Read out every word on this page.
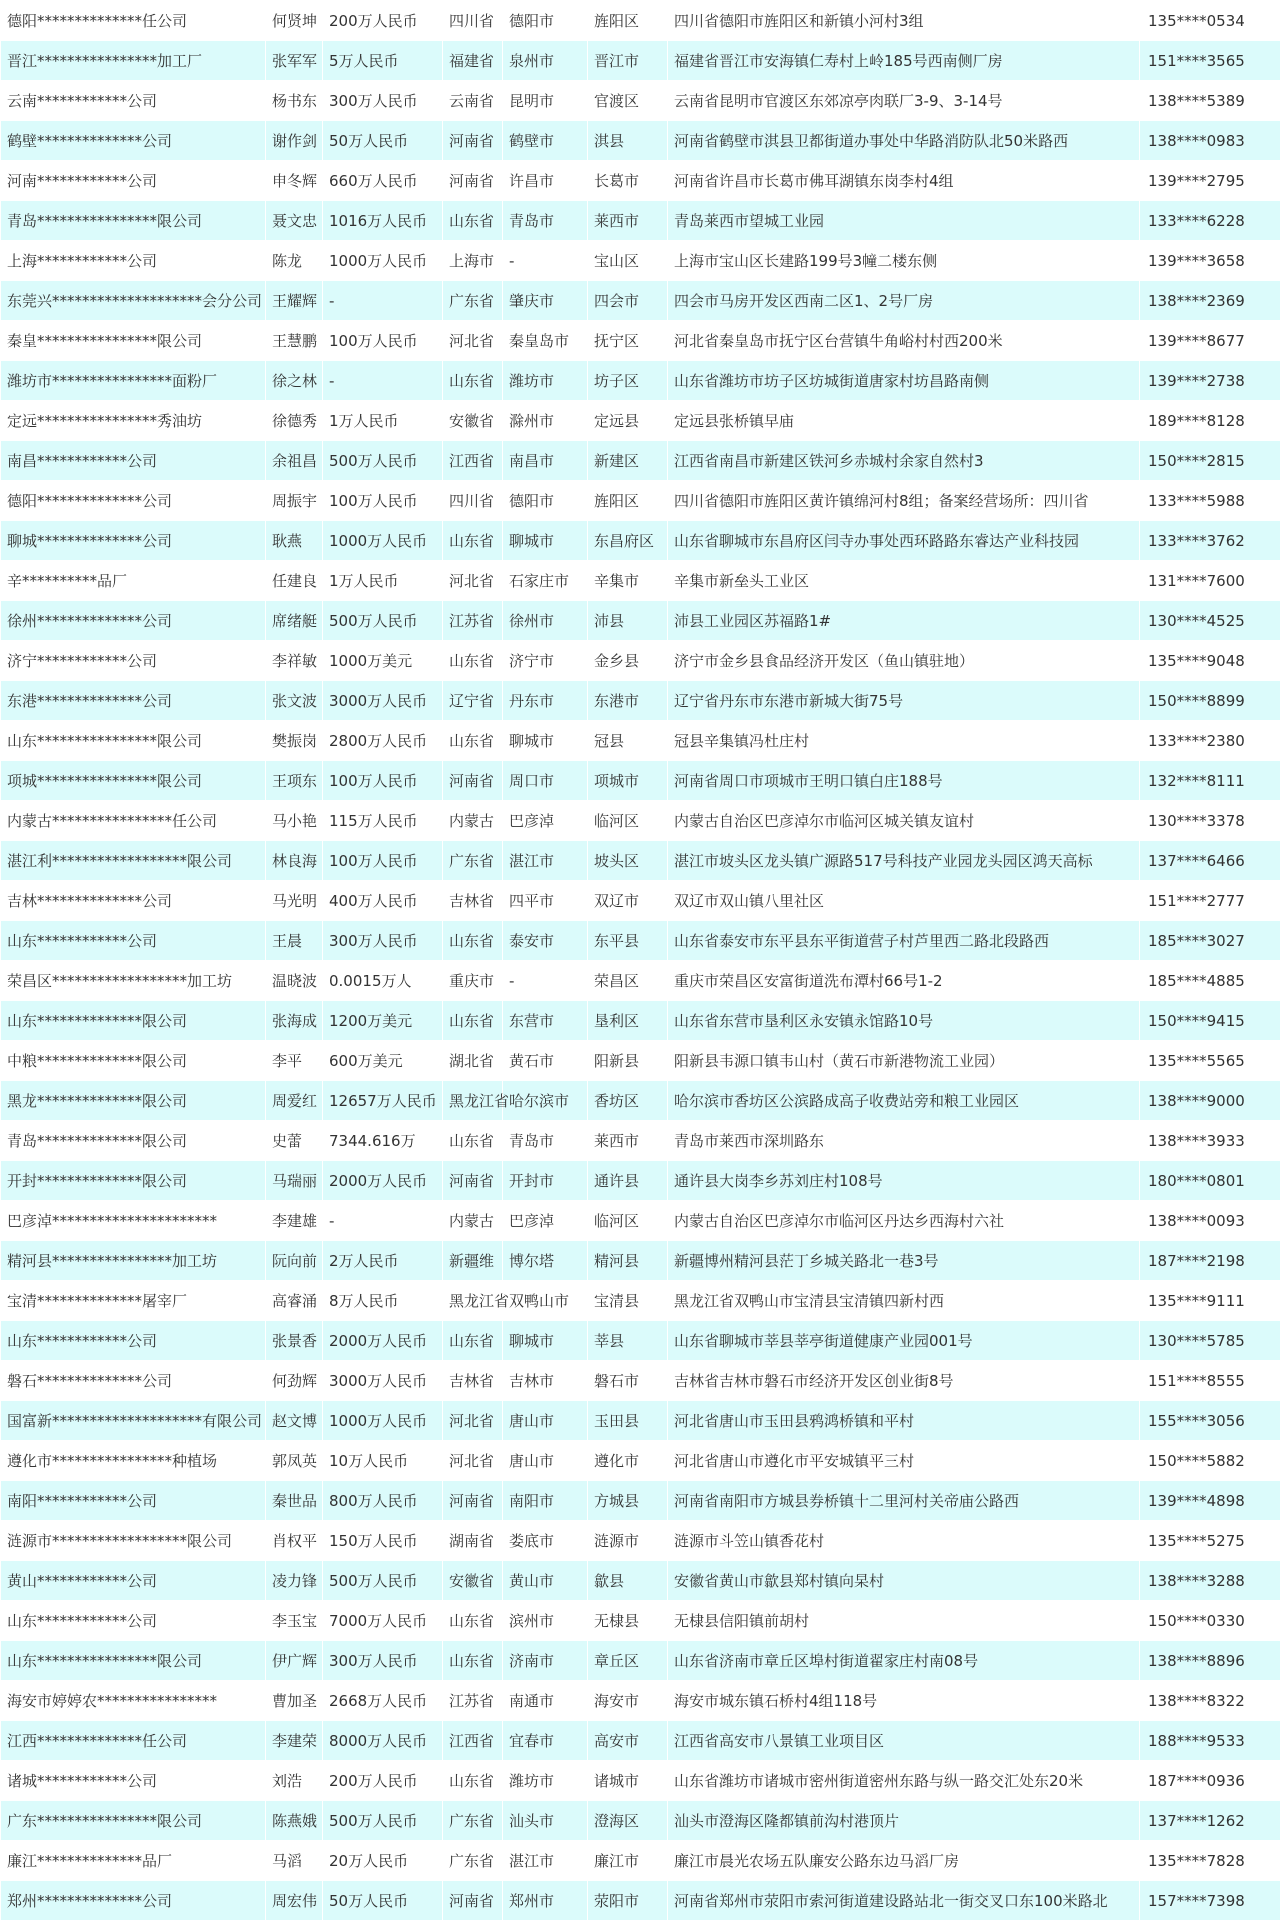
德阳**************任公司	何贤坤	200万人民币	四川省	德阳市	旌阳区	四川省德阳市旌阳区和新镇小河村3组	135****0534
晋江****************加工厂	张军军	5万人民币	福建省	泉州市	晋江市	福建省晋江市安海镇仁寿村上岭185号西南侧厂房	151****3565
云南************公司	杨书东	300万人民币	云南省	昆明市	官渡区	云南省昆明市官渡区东郊凉亭肉联厂3-9、3-14号	138****5389
鹤壁**************公司	谢作剑	50万人民币	河南省	鹤壁市	淇县	河南省鹤壁市淇县卫都街道办事处中华路消防队北50米路西	138****0983
河南************公司	申冬辉	660万人民币	河南省	许昌市	长葛市	河南省许昌市长葛市佛耳湖镇东岗李村4组	139****2795
青岛****************限公司	聂文忠	1016万人民币	山东省	青岛市	莱西市	青岛莱西市望城工业园	133****6228
上海************公司	陈龙	1000万人民币	上海市	-	宝山区	上海市宝山区长建路199号3幢二楼东侧	139****3658
东莞兴********************会分公司	王耀辉	-	广东省	肇庆市	四会市	四会市马房开发区西南二区1、2号厂房	138****2369
秦皇****************限公司	王慧鹏	100万人民币	河北省	秦皇岛市	抚宁区	河北省秦皇岛市抚宁区台营镇牛角峪村村西200米	139****8677
潍坊市****************面粉厂	徐之林	-	山东省	潍坊市	坊子区	山东省潍坊市坊子区坊城街道唐家村坊昌路南侧	139****2738
定远****************秀油坊	徐德秀	1万人民币	安徽省	滁州市	定远县	定远县张桥镇早庙	189****8128
南昌************公司	余祖昌	500万人民币	江西省	南昌市	新建区	江西省南昌市新建区铁河乡赤城村余家自然村3	150****2815
德阳**************公司	周振宇	100万人民币	四川省	德阳市	旌阳区	四川省德阳市旌阳区黄许镇绵河村8组；备案经营场所：四川省	133****5988
聊城**************公司	耿燕	1000万人民币	山东省	聊城市	东昌府区	山东省聊城市东昌府区闫寺办事处西环路路东睿达产业科技园	133****3762
辛**********品厂	任建良	1万人民币	河北省	石家庄市	辛集市	辛集市新垒头工业区	131****7600
徐州**************公司	席绪艇	500万人民币	江苏省	徐州市	沛县	沛县工业园区苏福路1#	130****4525
济宁************公司	李祥敏	1000万美元	山东省	济宁市	金乡县	济宁市金乡县食品经济开发区（鱼山镇驻地）	135****9048
东港**************公司	张文波	3000万人民币	辽宁省	丹东市	东港市	辽宁省丹东市东港市新城大街75号	150****8899
山东****************限公司	樊振岗	2800万人民币	山东省	聊城市	冠县	冠县辛集镇冯杜庄村	133****2380
项城****************限公司	王项东	100万人民币	河南省	周口市	项城市	河南省周口市项城市王明口镇白庄188号	132****8111
内蒙古****************任公司	马小艳	115万人民币	内蒙古	巴彦淖	临河区	内蒙古自治区巴彦淖尔市临河区城关镇友谊村	130****3378
湛江利******************限公司	林良海	100万人民币	广东省	湛江市	坡头区	湛江市坡头区龙头镇广源路517号科技产业园龙头园区鸿天高标	137****6466
吉林**************公司	马光明	400万人民币	吉林省	四平市	双辽市	双辽市双山镇八里社区	151****2777
山东************公司	王晨	300万人民币	山东省	泰安市	东平县	山东省泰安市东平县东平街道营子村芦里西二路北段路西	185****3027
荣昌区******************加工坊	温晓波	0.0015万人	重庆市	-	荣昌区	重庆市荣昌区安富街道洗布潭村66号1-2	185****4885
山东**************限公司	张海成	1200万美元	山东省	东营市	垦利区	山东省东营市垦利区永安镇永馆路10号	150****9415
中粮**************限公司	李平	600万美元	湖北省	黄石市	阳新县	阳新县韦源口镇韦山村（黄石市新港物流工业园）	135****5565
黑龙**************限公司	周爱红	12657万人民币	黑龙江省	哈尔滨市	香坊区	哈尔滨市香坊区公滨路成高子收费站旁和粮工业园区	138****9000
青岛**************限公司	史蕾	7344.616万	山东省	青岛市	莱西市	青岛市莱西市深圳路东	138****3933
开封**************限公司	马瑞丽	2000万人民币	河南省	开封市	通许县	通许县大岗李乡苏刘庄村108号	180****0801
巴彦淖**********************	李建雄	-	内蒙古	巴彦淖	临河区	内蒙古自治区巴彦淖尔市临河区丹达乡西海村六社	138****0093
精河县****************加工坊	阮向前	2万人民币	新疆维	博尔塔	精河县	新疆博州精河县茫丁乡城关路北一巷3号	187****2198
宝清**************屠宰厂	高睿涌	8万人民币	黑龙江省	双鸭山市	宝清县	黑龙江省双鸭山市宝清县宝清镇四新村西	135****9111
山东************公司	张景香	2000万人民币	山东省	聊城市	莘县	山东省聊城市莘县莘亭街道健康产业园001号	130****5785
磐石**************公司	何劲辉	3000万人民币	吉林省	吉林市	磐石市	吉林省吉林市磐石市经济开发区创业街8号	151****8555
国富新********************有限公司	赵文博	1000万人民币	河北省	唐山市	玉田县	河北省唐山市玉田县鸦鸿桥镇和平村	155****3056
遵化市****************种植场	郭凤英	10万人民币	河北省	唐山市	遵化市	河北省唐山市遵化市平安城镇平三村	150****5882
南阳************公司	秦世品	800万人民币	河南省	南阳市	方城县	河南省南阳市方城县券桥镇十二里河村关帝庙公路西	139****4898
涟源市******************限公司	肖权平	150万人民币	湖南省	娄底市	涟源市	涟源市斗笠山镇香花村	135****5275
黄山************公司	凌力锋	500万人民币	安徽省	黄山市	歙县	安徽省黄山市歙县郑村镇向杲村	138****3288
山东************公司	李玉宝	7000万人民币	山东省	滨州市	无棣县	无棣县信阳镇前胡村	150****0330
山东****************限公司	伊广辉	300万人民币	山东省	济南市	章丘区	山东省济南市章丘区埠村街道翟家庄村南08号	138****8896
海安市婷婷农****************	曹加圣	2668万人民币	江苏省	南通市	海安市	海安市城东镇石桥村4组118号	138****8322
江西**************任公司	李建荣	8000万人民币	江西省	宜春市	高安市	江西省高安市八景镇工业项目区	188****9533
诸城************公司	刘浩	200万人民币	山东省	潍坊市	诸城市	山东省潍坊市诸城市密州街道密州东路与纵一路交汇处东20米	187****0936
广东****************限公司	陈燕娥	500万人民币	广东省	汕头市	澄海区	汕头市澄海区隆都镇前沟村港顶片	137****1262
廉江**************品厂	马滔	20万人民币	广东省	湛江市	廉江市	廉江市晨光农场五队廉安公路东边马滔厂房	135****7828
郑州**************公司	周宏伟	50万人民币	河南省	郑州市	荥阳市	河南省郑州市荥阳市索河街道建设路站北一街交叉口东100米路北	157****7398
